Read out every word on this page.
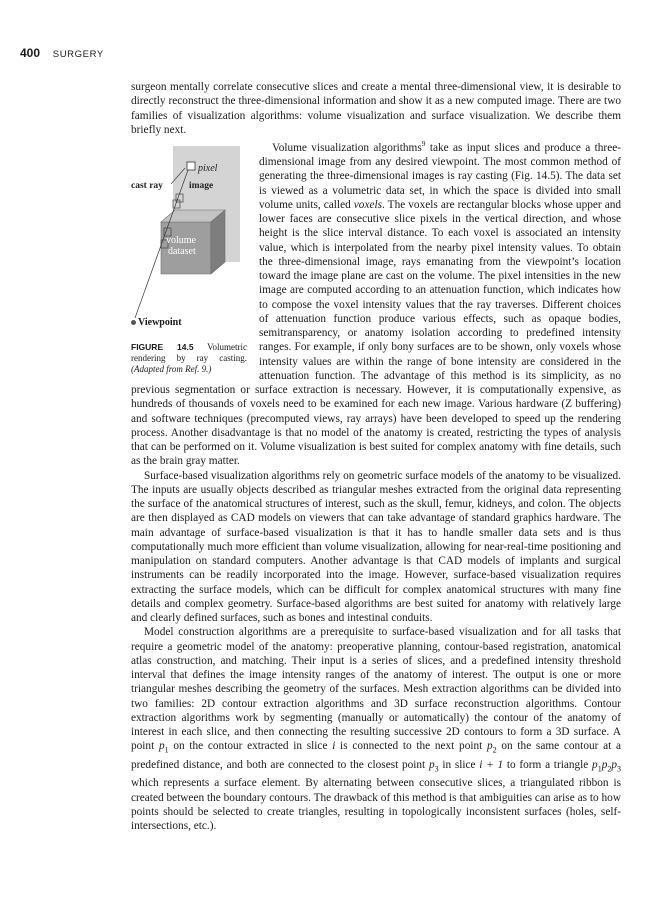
400 SURGERY

surgeon mentally correlate consecutive slices and create a mental three-dimensional view, it is desirable to directly reconstruct the three-dimensional information and show it as a new computed image. There are two families of visualization algorithms: volume visualization and surface visualization. We describe them briefly next.

pixel
cast ray	image
volume
dataset
Viewpoint
FIGURE 14.5 Volumetric rendering by ray casting. (Adapted from Ref. 9.)

Volume visualization algorithms$^9$ take as input slices and produce a three-dimensional image from any desired viewpoint. The most common method of generating the three-dimensional images is ray casting (Fig. 14.5). The data set is viewed as a volumetric data set, in which the space is divided into small volume units, called voxels. The voxels are rectangular blocks whose upper and lower faces are consecutive slice pixels in the vertical direction, and whose height is the slice interval distance. To each voxel is associated an intensity value, which is interpolated from the nearby pixel intensity values. To obtain the three-dimensional image, rays emanating from the viewpoint’s location toward the image plane are cast on the volume. The pixel intensities in the new image are computed according to an attenuation function, which indicates how to compose the voxel intensity values that the ray traverses. Different choices of attenuation function produce various effects, such as opaque bodies, semitransparency, or anatomy isolation according to predefined intensity ranges. For example, if only bony surfaces are to be shown, only voxels whose intensity values are within the range of bone intensity are considered in the attenuation function. The advantage of this method is its simplicity, as no previous segmentation or surface extraction is necessary. However, it is computationally expensive, as hundreds of thousands of voxels need to be examined for each new image. Various hardware (Z buffering) and software techniques (precomputed views, ray arrays) have been developed to speed up the rendering process. Another disadvantage is that no model of the anatomy is created, restricting the types of analysis that can be performed on it. Volume visualization is best suited for complex anatomy with fine details, such as the brain gray matter.

Surface-based visualization algorithms rely on geometric surface models of the anatomy to be visualized. The inputs are usually objects described as triangular meshes extracted from the original data representing the surface of the anatomical structures of interest, such as the skull, femur, kidneys, and colon. The objects are then displayed as CAD models on viewers that can take advantage of standard graphics hardware. The main advantage of surface-based visualization is that it has to handle smaller data sets and is thus computationally much more efficient than volume visualization, allowing for near-real-time positioning and manipulation on standard computers. Another advantage is that CAD models of implants and surgical instruments can be readily incorporated into the image. However, surface-based visualization requires extracting the surface models, which can be difficult for complex anatomical structures with many fine details and complex geometry. Surface-based algorithms are best suited for anatomy with relatively large and clearly defined surfaces, such as bones and intestinal conduits.

Model construction algorithms are a prerequisite to surface-based visualization and for all tasks that require a geometric model of the anatomy: preoperative planning, contour-based registration, anatomical atlas construction, and matching. Their input is a series of slices, and a predefined intensity threshold interval that defines the image intensity ranges of the anatomy of interest. The output is one or more triangular meshes describing the geometry of the surfaces. Mesh extraction algorithms can be divided into two families: 2D contour extraction algorithms and 3D surface reconstruction algorithms. Contour extraction algorithms work by segmenting (manually or automatically) the contour of the anatomy of interest in each slice, and then connecting the resulting successive 2D contours to form a 3D surface. A point $p_1$ on the contour extracted in slice i is connected to the next point $p_2$ on the same contour at a predefined distance, and both are connected to the closest point $p_3$ in slice i + 1 to form a triangle $p_1p_2p_3$ which represents a surface element. By alternating between consecutive slices, a triangulated ribbon is created between the boundary contours. The drawback of this method is that ambiguities can arise as to how points should be selected to create triangles, resulting in topologically inconsistent surfaces (holes, self-intersections, etc.).
